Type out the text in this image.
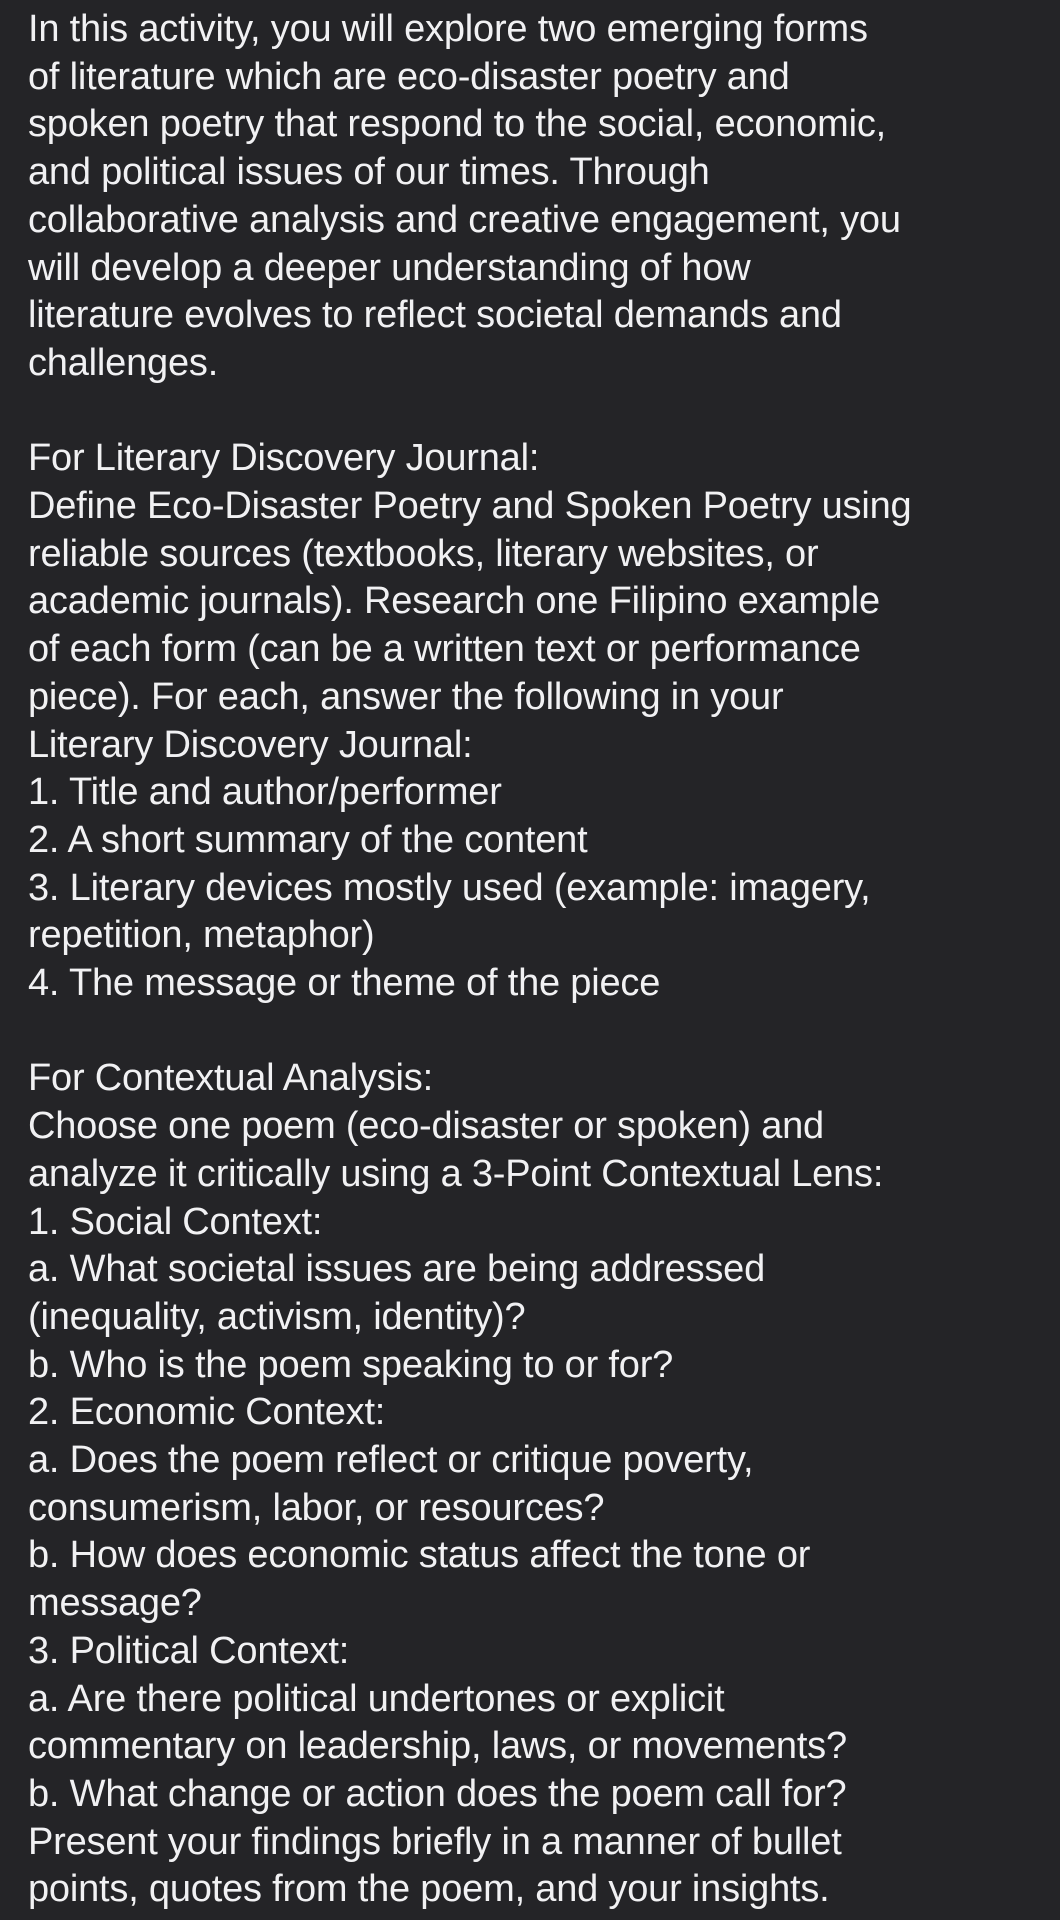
In this activity, you will explore two emerging forms

of literature which are eco-disaster poetry and

spoken poetry that respond to the social, economic,

and political issues of our times. Through

collaborative analysis and creative engagement, you

will develop a deeper understanding of how

literature evolves to reflect societal demands and

challenges.

For Literary Discovery Journal:

Define Eco-Disaster Poetry and Spoken Poetry using

reliable sources (textbooks, literary websites, or

academic journals). Research one Filipino example

of each form (can be a written text or performance

piece). For each, answer the following in your

Literary Discovery Journal:

1. Title and author/performer

2. A short summary of the content

3. Literary devices mostly used (example: imagery,

repetition, metaphor)

4. The message or theme of the piece

For Contextual Analysis:

Choose one poem (eco-disaster or spoken) and

analyze it critically using a 3-Point Contextual Lens:

1. Social Context:

a. What societal issues are being addressed

(inequality, activism, identity)?

b. Who is the poem speaking to or for?

2. Economic Context:

a. Does the poem reflect or critique poverty,

consumerism, labor, or resources?

b. How does economic status affect the tone or

message?

3. Political Context:

a. Are there political undertones or explicit

commentary on leadership, laws, or movements?

b. What change or action does the poem call for?

Present your findings briefly in a manner of bullet

points, quotes from the poem, and your insights.
